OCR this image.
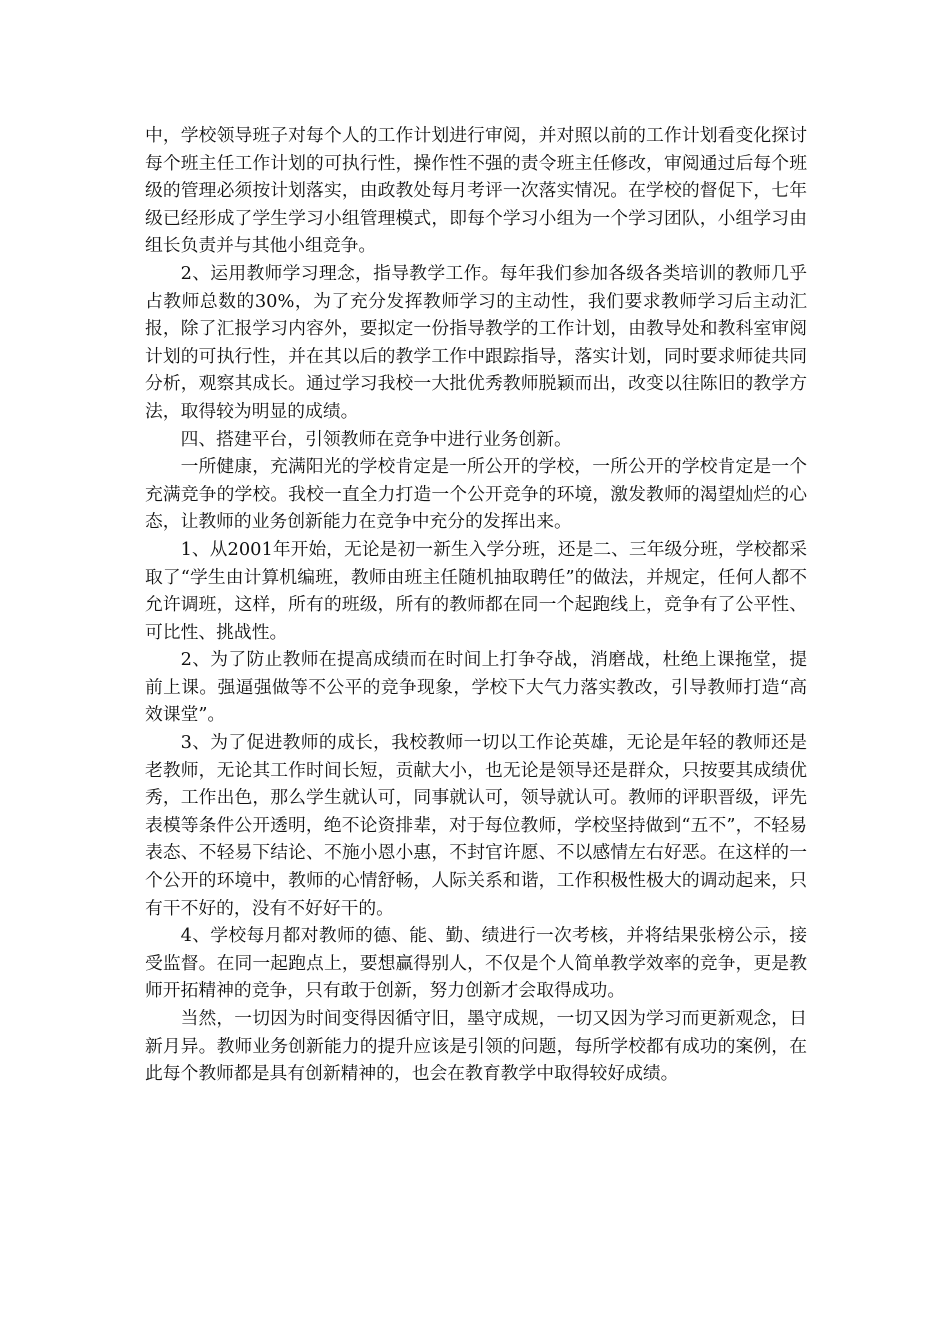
中，学校领导班子对每个人的工作计划进行审阅，并对照以前的工作计划看变化探讨每个班主任工作计划的可执行性，操作性不强的责令班主任修改，审阅通过后每个班级的管理必须按计划落实，由政教处每月考评一次落实情况。在学校的督促下，七年级已经形成了学生学习小组管理模式，即每个学习小组为一个学习团队，小组学习由组长负责并与其他小组竞争。

2、运用教师学习理念，指导教学工作。每年我们参加各级各类培训的教师几乎占教师总数的30%，为了充分发挥教师学习的主动性，我们要求教师学习后主动汇报，除了汇报学习内容外，要拟定一份指导教学的工作计划，由教导处和教科室审阅计划的可执行性，并在其以后的教学工作中跟踪指导，落实计划，同时要求师徒共同分析，观察其成长。通过学习我校一大批优秀教师脱颖而出，改变以往陈旧的教学方法，取得较为明显的成绩。

四、搭建平台，引领教师在竞争中进行业务创新。

一所健康，充满阳光的学校肯定是一所公开的学校，一所公开的学校肯定是一个充满竞争的学校。我校一直全力打造一个公开竞争的环境，激发教师的渴望灿烂的心态，让教师的业务创新能力在竞争中充分的发挥出来。

1、从2001年开始，无论是初一新生入学分班，还是二、三年级分班，学校都采取了“学生由计算机编班，教师由班主任随机抽取聘任”的做法，并规定，任何人都不允许调班，这样，所有的班级，所有的教师都在同一个起跑线上，竞争有了公平性、可比性、挑战性。

2、为了防止教师在提高成绩而在时间上打争夺战，消磨战，杜绝上课拖堂，提前上课。强逼强做等不公平的竞争现象，学校下大气力落实教改，引导教师打造“高效课堂”。

3、为了促进教师的成长，我校教师一切以工作论英雄，无论是年轻的教师还是老教师，无论其工作时间长短，贡献大小，也无论是领导还是群众，只按要其成绩优秀，工作出色，那么学生就认可，同事就认可，领导就认可。教师的评职晋级，评先表模等条件公开透明，绝不论资排辈，对于每位教师，学校坚持做到“五不”，不轻易表态、不轻易下结论、不施小恩小惠，不封官许愿、不以感情左右好恶。在这样的一个公开的环境中，教师的心情舒畅，人际关系和谐，工作积极性极大的调动起来，只有干不好的，没有不好好干的。

4、学校每月都对教师的德、能、勤、绩进行一次考核，并将结果张榜公示，接受监督。在同一起跑点上，要想赢得别人，不仅是个人简单教学效率的竞争，更是教师开拓精神的竞争，只有敢于创新，努力创新才会取得成功。

当然，一切因为时间变得因循守旧，墨守成规，一切又因为学习而更新观念，日新月异。教师业务创新能力的提升应该是引领的问题，每所学校都有成功的案例，在此每个教师都是具有创新精神的，也会在教育教学中取得较好成绩。
